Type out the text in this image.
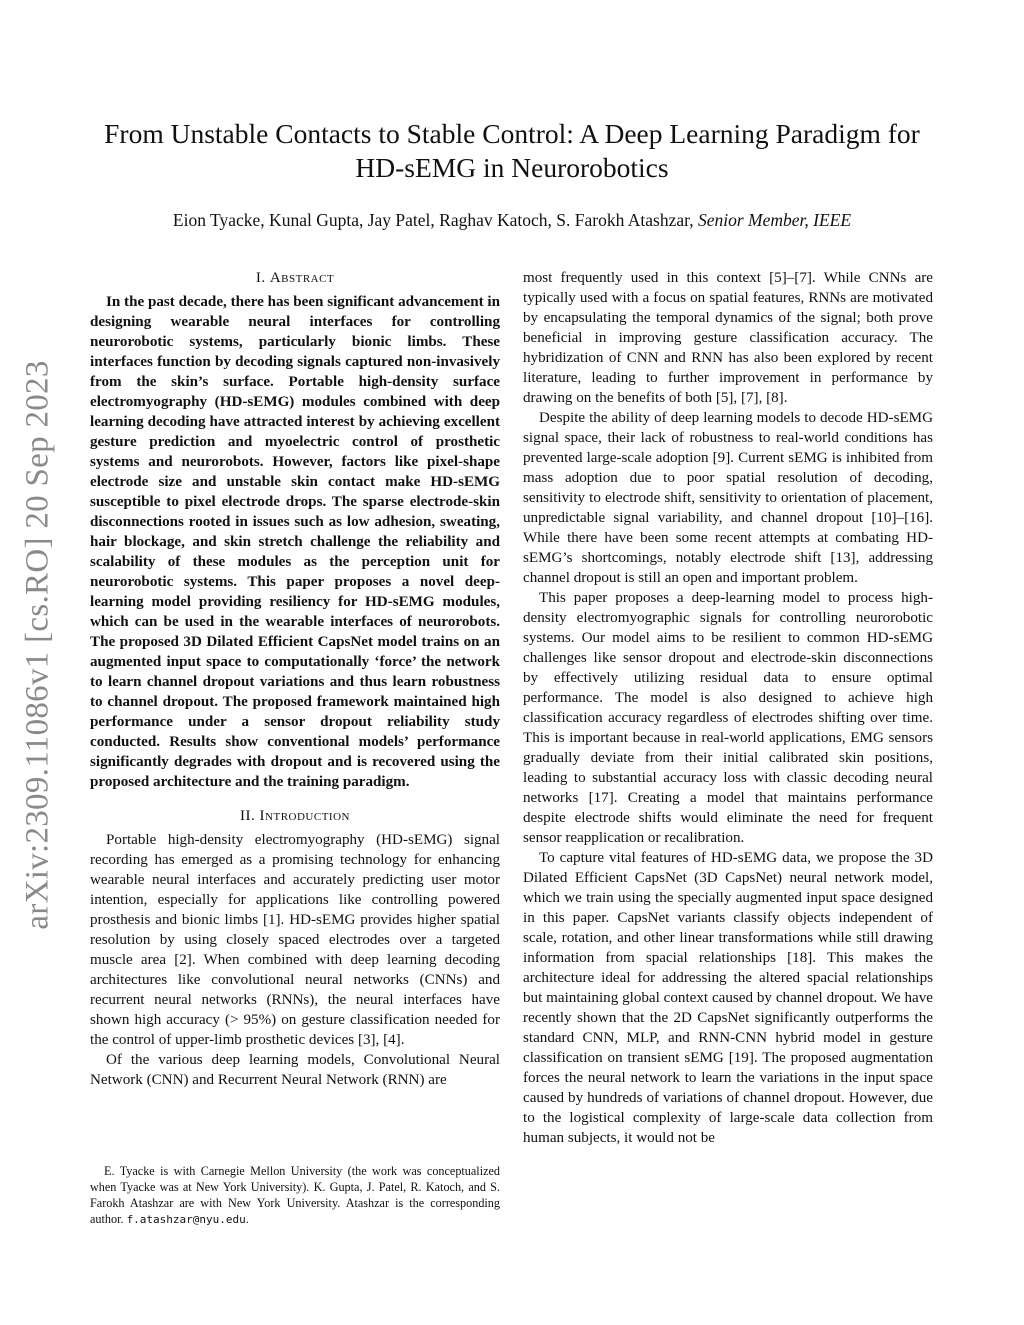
arXiv:2309.11086v1 [cs.RO] 20 Sep 2023
From Unstable Contacts to Stable Control: A Deep Learning Paradigm for
HD-sEMG in Neurorobotics

Eion Tyacke, Kunal Gupta, Jay Patel, Raghav Katoch, S. Farokh Atashzar, Senior Member, IEEE

I. Abstract

In the past decade, there has been significant advancement in designing wearable neural interfaces for controlling neurorobotic systems, particularly bionic limbs. These interfaces function by decoding signals captured non-invasively from the skin’s surface. Portable high-density surface electromyography (HD-sEMG) modules combined with deep learning decoding have attracted interest by achieving excellent gesture prediction and myoelectric control of prosthetic systems and neurorobots. However, factors like pixel-shape electrode size and unstable skin contact make HD-sEMG susceptible to pixel electrode drops. The sparse electrode-skin disconnections rooted in issues such as low adhesion, sweating, hair blockage, and skin stretch challenge the reliability and scalability of these modules as the perception unit for neurorobotic systems. This paper proposes a novel deep-learning model providing resiliency for HD-sEMG modules, which can be used in the wearable interfaces of neurorobots. The proposed 3D Dilated Efficient CapsNet model trains on an augmented input space to computationally ‘force’ the network to learn channel dropout variations and thus learn robustness to channel dropout. The proposed framework maintained high performance under a sensor dropout reliability study conducted. Results show conventional models’ performance significantly degrades with dropout and is recovered using the proposed architecture and the training paradigm.

II. Introduction

Portable high-density electromyography (HD-sEMG) signal recording has emerged as a promising technology for enhancing wearable neural interfaces and accurately predicting user motor intention, especially for applications like controlling powered prosthesis and bionic limbs [1]. HD-sEMG provides higher spatial resolution by using closely spaced electrodes over a targeted muscle area [2]. When combined with deep learning decoding architectures like convolutional neural networks (CNNs) and recurrent neural networks (RNNs), the neural interfaces have shown high accuracy (> 95%) on gesture classification needed for the control of upper-limb prosthetic devices [3], [4].

Of the various deep learning models, Convolutional Neural Network (CNN) and Recurrent Neural Network (RNN) are

most frequently used in this context [5]–[7]. While CNNs are typically used with a focus on spatial features, RNNs are motivated by encapsulating the temporal dynamics of the signal; both prove beneficial in improving gesture classification accuracy. The hybridization of CNN and RNN has also been explored by recent literature, leading to further improvement in performance by drawing on the benefits of both [5], [7], [8].

Despite the ability of deep learning models to decode HD-sEMG signal space, their lack of robustness to real-world conditions has prevented large-scale adoption [9]. Current sEMG is inhibited from mass adoption due to poor spatial resolution of decoding, sensitivity to electrode shift, sensitivity to orientation of placement, unpredictable signal variability, and channel dropout [10]–[16]. While there have been some recent attempts at combating HD-sEMG’s shortcomings, notably electrode shift [13], addressing channel dropout is still an open and important problem.

This paper proposes a deep-learning model to process high-density electromyographic signals for controlling neurorobotic systems. Our model aims to be resilient to common HD-sEMG challenges like sensor dropout and electrode-skin disconnections by effectively utilizing residual data to ensure optimal performance. The model is also designed to achieve high classification accuracy regardless of electrodes shifting over time. This is important because in real-world applications, EMG sensors gradually deviate from their initial calibrated skin positions, leading to substantial accuracy loss with classic decoding neural networks [17]. Creating a model that maintains performance despite electrode shifts would eliminate the need for frequent sensor reapplication or recalibration.

To capture vital features of HD-sEMG data, we propose the 3D Dilated Efficient CapsNet (3D CapsNet) neural network model, which we train using the specially augmented input space designed in this paper. CapsNet variants classify objects independent of scale, rotation, and other linear transformations while still drawing information from spacial relationships [18]. This makes the architecture ideal for addressing the altered spacial relationships but maintaining global context caused by channel dropout. We have recently shown that the 2D CapsNet significantly outperforms the standard CNN, MLP, and RNN-CNN hybrid model in gesture classification on transient sEMG [19]. The proposed augmentation forces the neural network to learn the variations in the input space caused by hundreds of variations of channel dropout. However, due to the logistical complexity of large-scale data collection from human subjects, it would not be

E. Tyacke is with Carnegie Mellon University (the work was conceptualized when Tyacke was at New York University). K. Gupta, J. Patel, R. Katoch, and S. Farokh Atashzar are with New York University. Atashzar is the corresponding author. f.atashzar@nyu.edu.
